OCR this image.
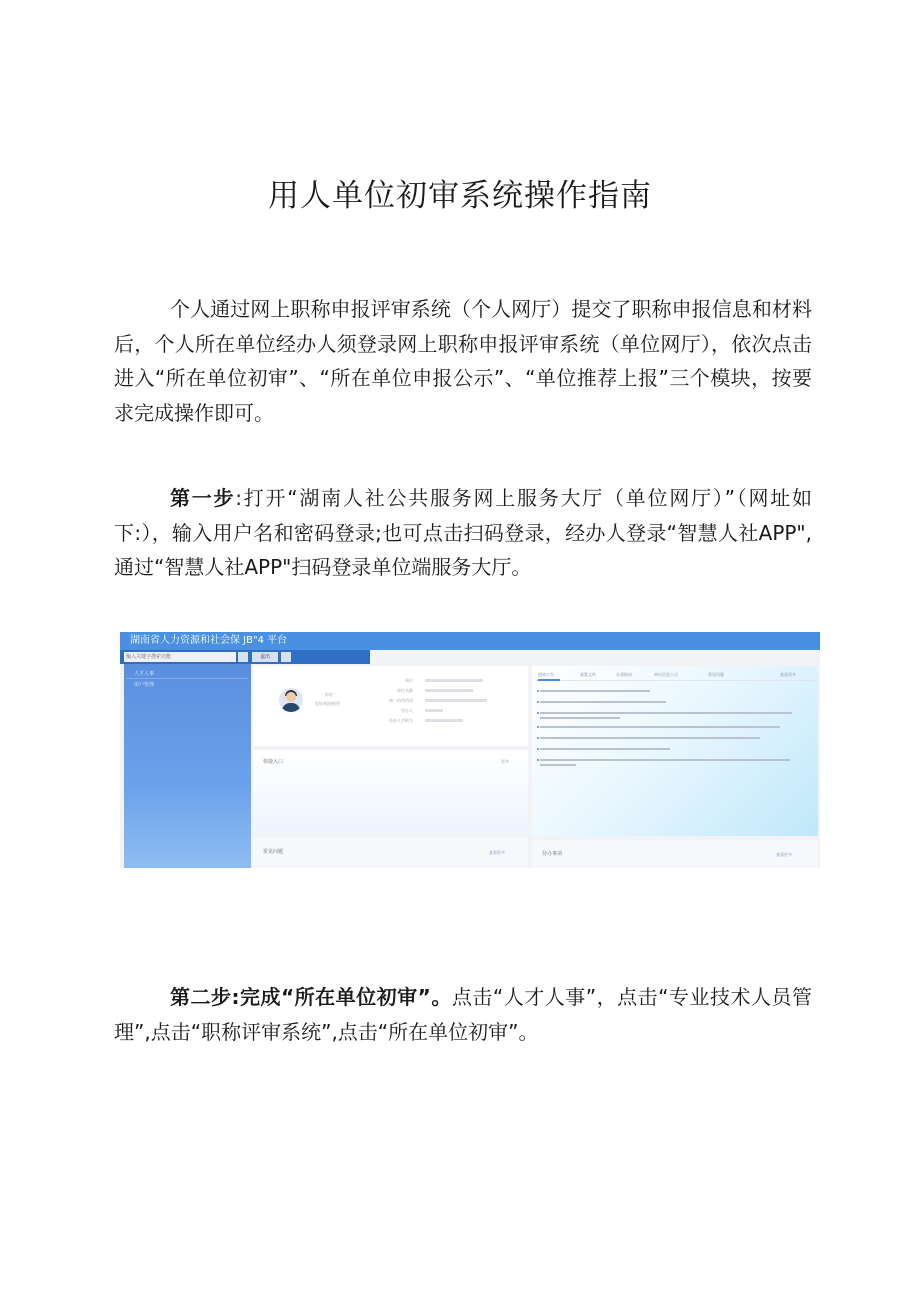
用人单位初审系统操作指南

个人通过网上职称申报评审系统（个人网厅）提交了职称申报信息和材料后，个人所在单位经办人须登录网上职称申报评审系统（单位网厅），依次点击进入“所在单位初审”、“所在单位申报公示”、“单位推荐上报”三个模块，按要求完成操作即可。

第一步:打开“湖南人社公共服务网上服务大厅（单位网厅）”（网址如下:），输入用户名和密码登录;也可点击扫码登录，经办人登录“智慧人社APP",通过“智慧人社APP"扫码登录单位端服务大厅。

湖南省人力资源和社会保 JB"4 平台
输入关键字搜索功能	退出
人才人事
用户管理
你好！
您好欢迎使用!
单位
单位名称
统一信用代码
经办人
经办人手机号
快捷入口	更多
常见问题	查看更多
通知公告	政策文件	办事指南	单位信息公示	常见问题	查看更多
待办事项	查看更多

第二步:完成“所在单位初审”。点击“人才人事”，点击“专业技术人员管理”,点击“职称评审系统”,点击“所在单位初审”。
